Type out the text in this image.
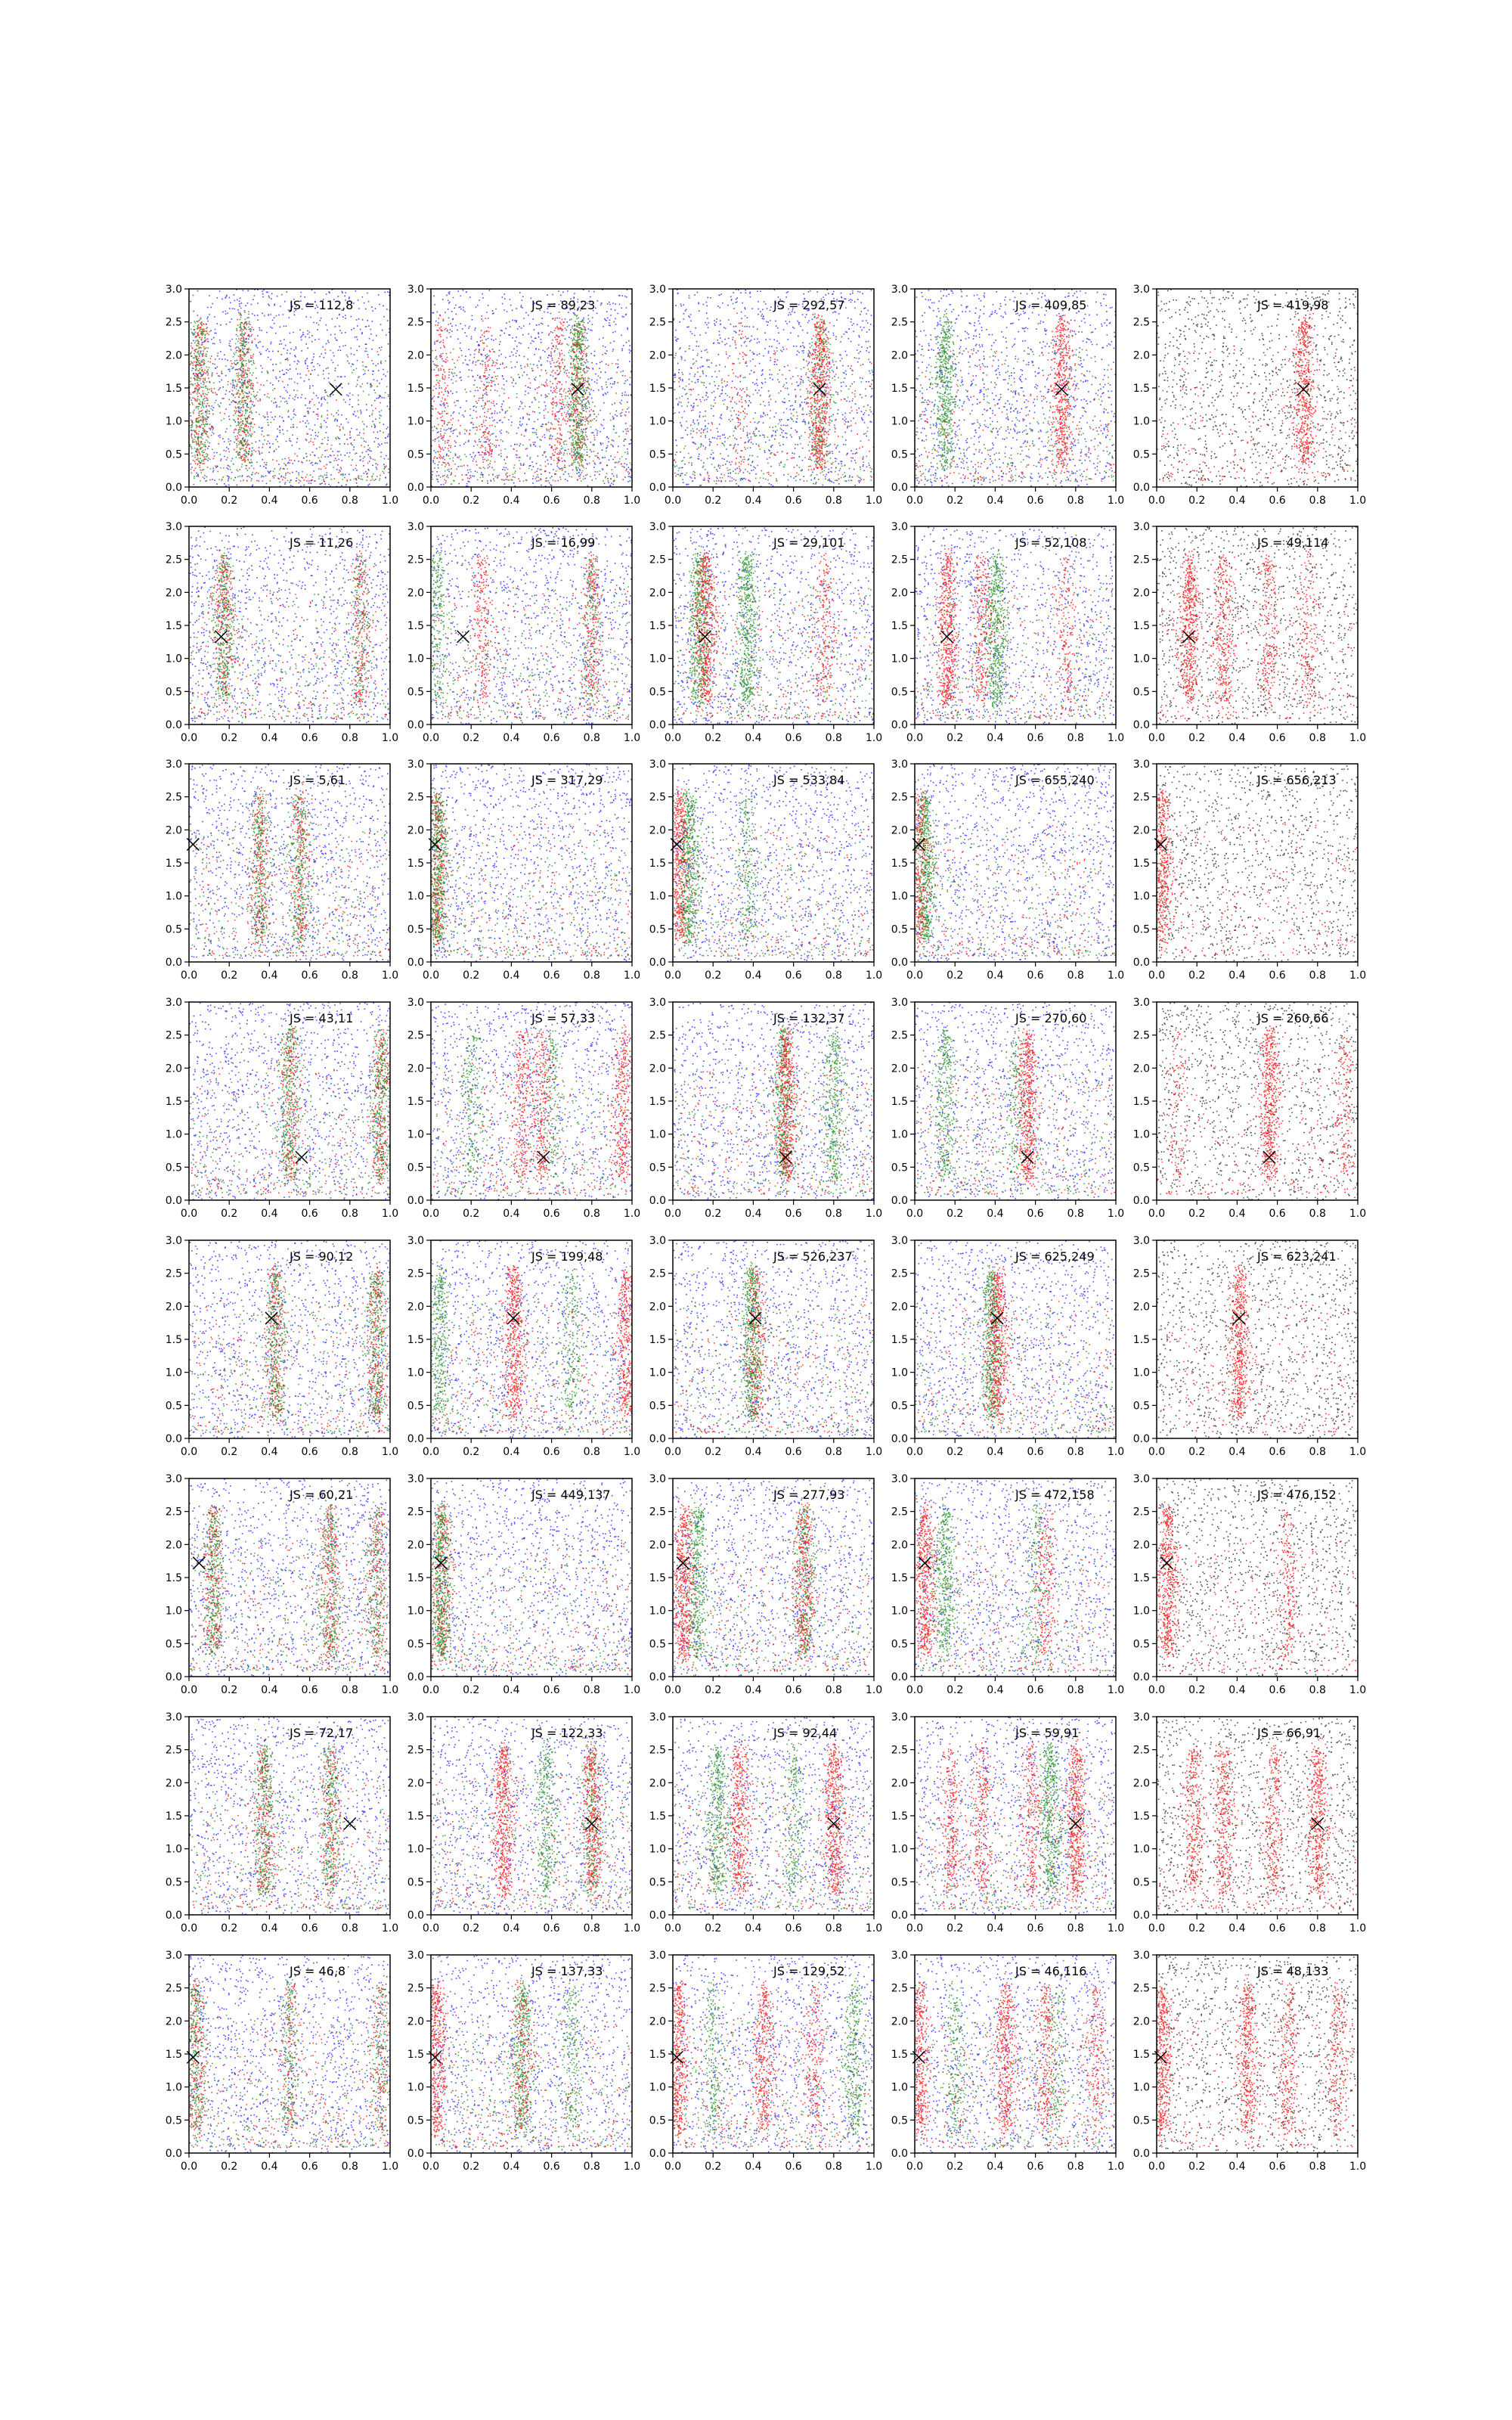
0.0 0.2 0.4 0.6 0.8 1.0
0.0
0.5
1.0
1.5
2.0
2.5
3.0
JS = 112,8
0.0 0.2 0.4 0.6 0.8 1.0
0.0
0.5
1.0
1.5
2.0
2.5
3.0
JS = 89,23
0.0 0.2 0.4 0.6 0.8 1.0
0.0
0.5
1.0
1.5
2.0
2.5
3.0
JS = 292,57
0.0 0.2 0.4 0.6 0.8 1.0
0.0
0.5
1.0
1.5
2.0
2.5
3.0
JS = 409,85
0.0 0.2 0.4 0.6 0.8 1.0
0.0
0.5
1.0
1.5
2.0
2.5
3.0
JS = 419,98
0.0 0.2 0.4 0.6 0.8 1.0
0.0
0.5
1.0
1.5
2.0
2.5
3.0
JS = 11,26
0.0 0.2 0.4 0.6 0.8 1.0
0.0
0.5
1.0
1.5
2.0
2.5
3.0
JS = 16,99
0.0 0.2 0.4 0.6 0.8 1.0
0.0
0.5
1.0
1.5
2.0
2.5
3.0
JS = 29,101
0.0 0.2 0.4 0.6 0.8 1.0
0.0
0.5
1.0
1.5
2.0
2.5
3.0
JS = 52,108
0.0 0.2 0.4 0.6 0.8 1.0
0.0
0.5
1.0
1.5
2.0
2.5
3.0
JS = 49,114
0.0 0.2 0.4 0.6 0.8 1.0
0.0
0.5
1.0
1.5
2.0
2.5
3.0
JS = 5,61
0.0 0.2 0.4 0.6 0.8 1.0
0.0
0.5
1.0
1.5
2.0
2.5
3.0
JS = 317,29
0.0 0.2 0.4 0.6 0.8 1.0
0.0
0.5
1.0
1.5
2.0
2.5
3.0
JS = 533,84
0.0 0.2 0.4 0.6 0.8 1.0
0.0
0.5
1.0
1.5
2.0
2.5
3.0
JS = 655,240
0.0 0.2 0.4 0.6 0.8 1.0
0.0
0.5
1.0
1.5
2.0
2.5
3.0
JS = 656,213
0.0 0.2 0.4 0.6 0.8 1.0
0.0
0.5
1.0
1.5
2.0
2.5
3.0
JS = 43,11
0.0 0.2 0.4 0.6 0.8 1.0
0.0
0.5
1.0
1.5
2.0
2.5
3.0
JS = 57,33
0.0 0.2 0.4 0.6 0.8 1.0
0.0
0.5
1.0
1.5
2.0
2.5
3.0
JS = 132,37
0.0 0.2 0.4 0.6 0.8 1.0
0.0
0.5
1.0
1.5
2.0
2.5
3.0
JS = 270,60
0.0 0.2 0.4 0.6 0.8 1.0
0.0
0.5
1.0
1.5
2.0
2.5
3.0
JS = 260,66
0.0 0.2 0.4 0.6 0.8 1.0
0.0
0.5
1.0
1.5
2.0
2.5
3.0
JS = 90,12
0.0 0.2 0.4 0.6 0.8 1.0
0.0
0.5
1.0
1.5
2.0
2.5
3.0
JS = 199,48
0.0 0.2 0.4 0.6 0.8 1.0
0.0
0.5
1.0
1.5
2.0
2.5
3.0
JS = 526,237
0.0 0.2 0.4 0.6 0.8 1.0
0.0
0.5
1.0
1.5
2.0
2.5
3.0
JS = 625,249
0.0 0.2 0.4 0.6 0.8 1.0
0.0
0.5
1.0
1.5
2.0
2.5
3.0
JS = 623,241
0.0 0.2 0.4 0.6 0.8 1.0
0.0
0.5
1.0
1.5
2.0
2.5
3.0
JS = 60,21
0.0 0.2 0.4 0.6 0.8 1.0
0.0
0.5
1.0
1.5
2.0
2.5
3.0
JS = 449,137
0.0 0.2 0.4 0.6 0.8 1.0
0.0
0.5
1.0
1.5
2.0
2.5
3.0
JS = 277,93
0.0 0.2 0.4 0.6 0.8 1.0
0.0
0.5
1.0
1.5
2.0
2.5
3.0
JS = 472,158
0.0 0.2 0.4 0.6 0.8 1.0
0.0
0.5
1.0
1.5
2.0
2.5
3.0
JS = 476,152
0.0 0.2 0.4 0.6 0.8 1.0
0.0
0.5
1.0
1.5
2.0
2.5
3.0
JS = 72,17
0.0 0.2 0.4 0.6 0.8 1.0
0.0
0.5
1.0
1.5
2.0
2.5
3.0
JS = 122,33
0.0 0.2 0.4 0.6 0.8 1.0
0.0
0.5
1.0
1.5
2.0
2.5
3.0
JS = 92,44
0.0 0.2 0.4 0.6 0.8 1.0
0.0
0.5
1.0
1.5
2.0
2.5
3.0
JS = 59,91
0.0 0.2 0.4 0.6 0.8 1.0
0.0
0.5
1.0
1.5
2.0
2.5
3.0
JS = 66,91
0.0 0.2 0.4 0.6 0.8 1.0
0.0
0.5
1.0
1.5
2.0
2.5
3.0
JS = 46,8
0.0 0.2 0.4 0.6 0.8 1.0
0.0
0.5
1.0
1.5
2.0
2.5
3.0
JS = 137,33
0.0 0.2 0.4 0.6 0.8 1.0
0.0
0.5
1.0
1.5
2.0
2.5
3.0
JS = 129,52
0.0 0.2 0.4 0.6 0.8 1.0
0.0
0.5
1.0
1.5
2.0
2.5
3.0
JS = 46,116
0.0 0.2 0.4 0.6 0.8 1.0
0.0
0.5
1.0
1.5
2.0
2.5
3.0
JS = 48,133
